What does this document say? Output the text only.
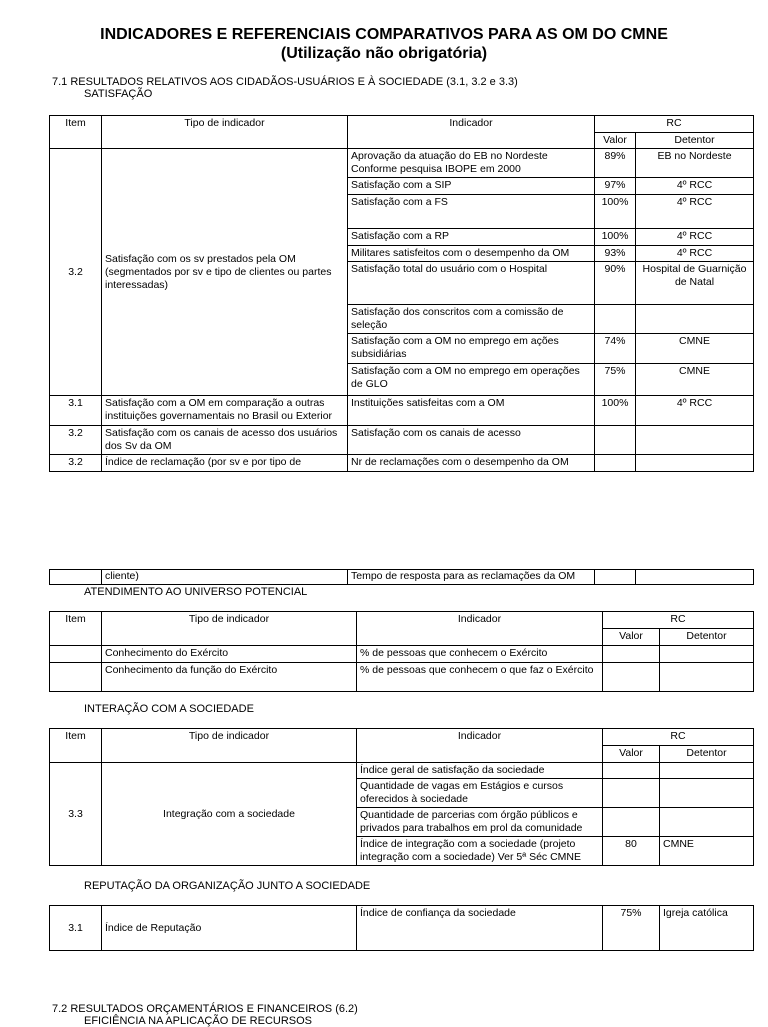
INDICADORES E REFERENCIAIS COMPARATIVOS PARA AS OM DO CMNE
(Utilização não obrigatória)
7.1 RESULTADOS RELATIVOS AOS CIDADÃOS-USUÁRIOS E À SOCIEDADE (3.1, 3.2 e 3.3)
SATISFAÇÃO
Item	Tipo de indicador	Indicador	RC	
			Valor	Detentor
3.2	Satisfação com os sv prestados pela OM (segmentados por sv e tipo de clientes ou partes interessadas)	Aprovação da atuação do EB no Nordeste Conforme pesquisa IBOPE em 2000	89%	EB no Nordeste
		Satisfação com a SIP	97%	4º RCC
		Satisfação com a FS	100%	4º RCC
		Satisfação com a RP	100%	4º RCC
		Militares satisfeitos com o desempenho da OM	93%	4º RCC
		Satisfação total do usuário com o Hospital	90%	Hospital de Guarnição de Natal
		Satisfação dos conscritos com a comissão de seleção		
		Satisfação com a OM no emprego em ações subsidiárias	74%	CMNE
		Satisfação com a OM no emprego em operações de GLO	75%	CMNE
3.1	Satisfação com a OM em comparação a outras instituições governamentais no Brasil ou Exterior	Instituições satisfeitas com a OM	100%	4º RCC
3.2	Satisfação com os canais de acesso dos usuários dos Sv da OM	Satisfação com os canais de acesso		
3.2	Índice de reclamação (por sv e por tipo de	Nr de reclamações com o desempenho da OM		
	cliente)	Tempo de resposta para as reclamações da OM		
ATENDIMENTO AO UNIVERSO POTENCIAL
Item	Tipo de indicador	Indicador	RC	
			Valor	Detentor
	Conhecimento do Exército	% de pessoas que conhecem o Exército		
	Conhecimento da função do Exército	% de pessoas que conhecem o que faz o Exército		
INTERAÇÃO COM A SOCIEDADE
Item	Tipo de indicador	Indicador	RC	
			Valor	Detentor
3.3	Integração com a sociedade	Índice geral de satisfação da sociedade		
		Quantidade de vagas em Estágios e cursos oferecidos à sociedade		
		Quantidade de parcerias com órgão públicos e privados para trabalhos em prol da comunidade		
		Índice de integração com a sociedade (projeto integração com a sociedade) Ver 5ª Séc CMNE	80	CMNE
REPUTAÇÃO DA ORGANIZAÇÃO JUNTO A SOCIEDADE
3.1	Índice de Reputação	Índice de confiança da sociedade	75%	Igreja católica
7.2 RESULTADOS ORÇAMENTÁRIOS E FINANCEIROS (6.2)
EFICIÊNCIA NA APLICAÇÃO DE RECURSOS
